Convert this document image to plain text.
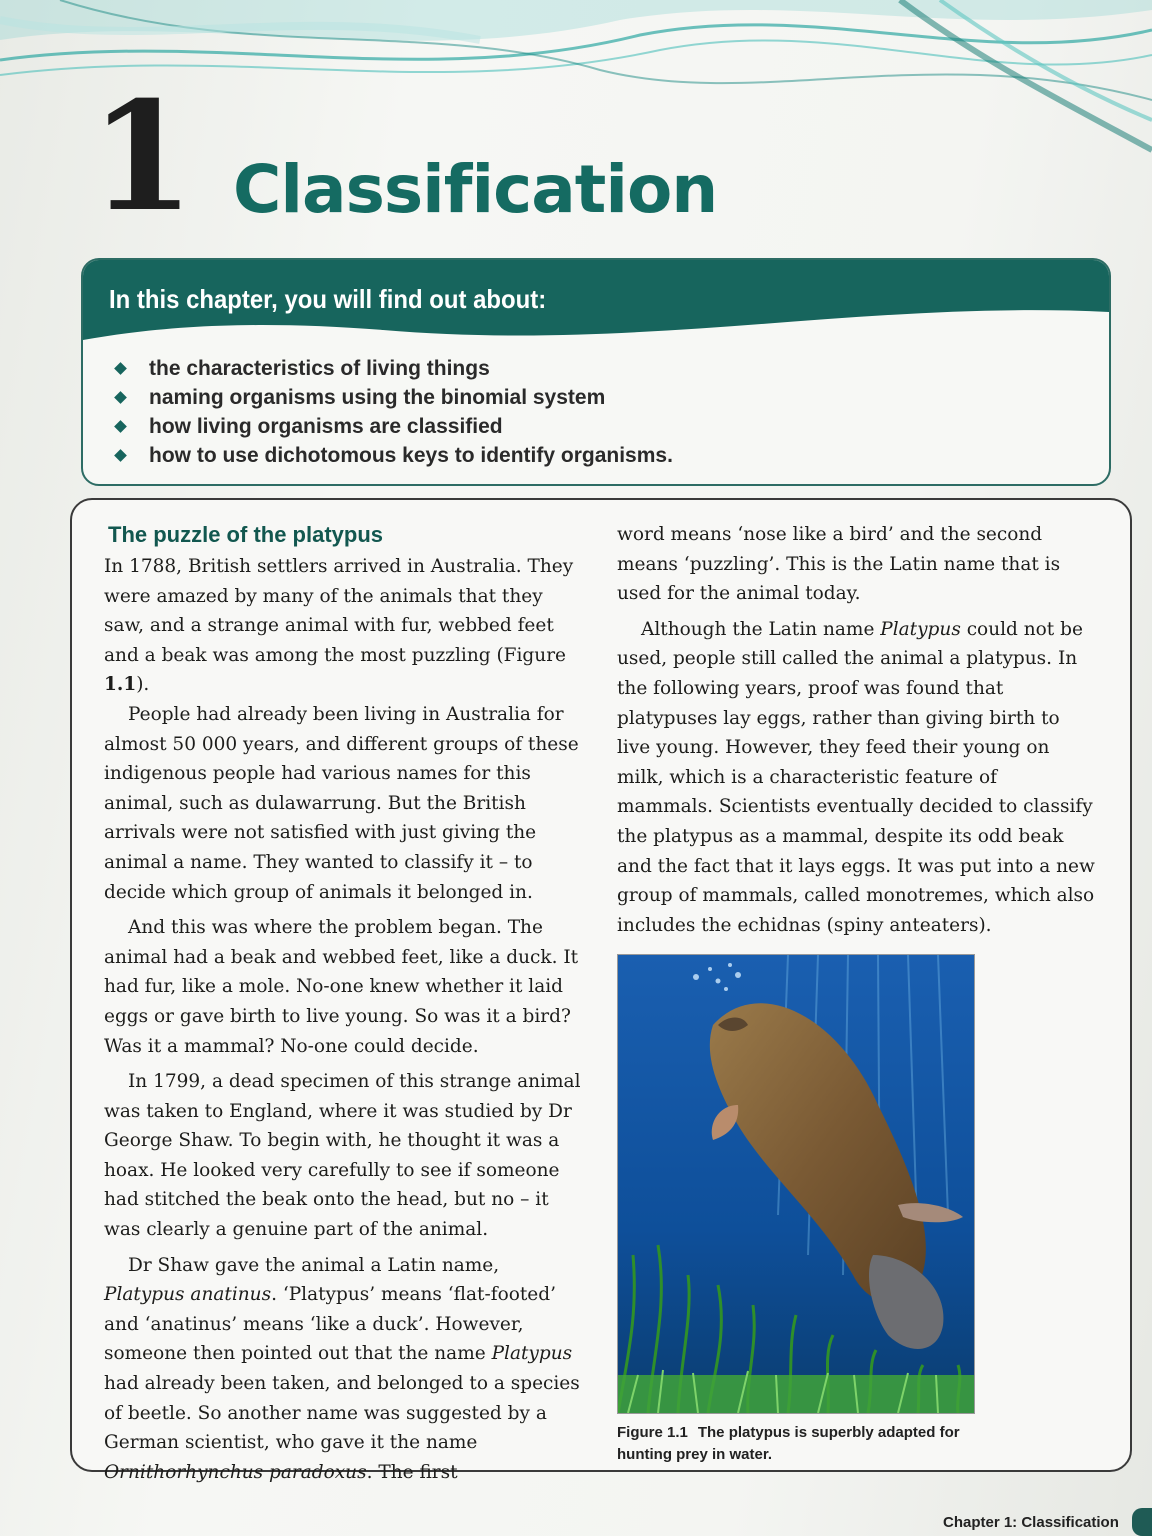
1 Classification
In this chapter, you will find out about:
the characteristics of living things
naming organisms using the binomial system
how living organisms are classified
how to use dichotomous keys to identify organisms.
The puzzle of the platypus

In 1788, British settlers arrived in Australia. They were amazed by many of the animals that they saw, and a strange animal with fur, webbed feet and a beak was among the most puzzling (Figure 1.1).

People had already been living in Australia for almost 50 000 years, and different groups of these indigenous people had various names for this animal, such as dulawarrung. But the British arrivals were not satisfied with just giving the animal a name. They wanted to classify it – to decide which group of animals it belonged in.

And this was where the problem began. The animal had a beak and webbed feet, like a duck. It had fur, like a mole. No-one knew whether it laid eggs or gave birth to live young. So was it a bird? Was it a mammal? No-one could decide.

In 1799, a dead specimen of this strange animal was taken to England, where it was studied by Dr George Shaw. To begin with, he thought it was a hoax. He looked very carefully to see if someone had stitched the beak onto the head, but no – it was clearly a genuine part of the animal.

Dr Shaw gave the animal a Latin name, Platypus anatinus. ‘Platypus’ means ‘flat-footed’ and ‘anatinus’ means ‘like a duck’. However, someone then pointed out that the name Platypus had already been taken, and belonged to a species of beetle. So another name was suggested by a German scientist, who gave it the name Ornithorhynchus paradoxus. The first

word means ‘nose like a bird’ and the second means ‘puzzling’. This is the Latin name that is used for the animal today.

Although the Latin name Platypus could not be used, people still called the animal a platypus. In the following years, proof was found that platypuses lay eggs, rather than giving birth to live young. However, they feed their young on milk, which is a characteristic feature of mammals. Scientists eventually decided to classify the platypus as a mammal, despite its odd beak and the fact that it lays eggs. It was put into a new group of mammals, called monotremes, which also includes the echidnas (spiny anteaters).

Figure 1.1 The platypus is superbly adapted for hunting prey in water.
Chapter 1: Classification
